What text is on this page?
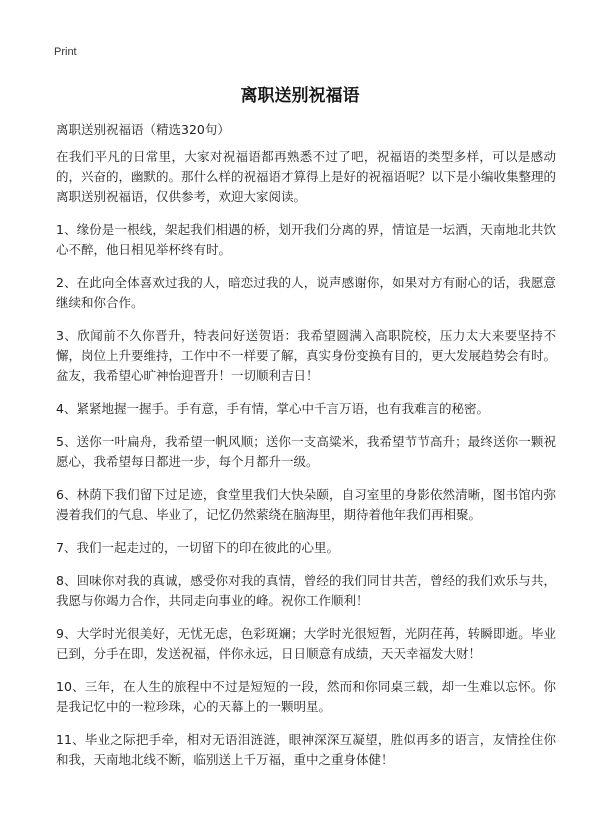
Print
离职送别祝福语
离职送别祝福语（精选320句）

在我们平凡的日常里，大家对祝福语都再熟悉不过了吧，祝福语的类型多样，可以是感动的，兴奋的，幽默的。那什么样的祝福语才算得上是好的祝福语呢？以下是小编收集整理的离职送别祝福语，仅供参考，欢迎大家阅读。

1、缘份是一根线，架起我们相遇的桥，划开我们分离的界，情谊是一坛酒，天南地北共饮心不醉，他日相见举杯终有时。

2、在此向全体喜欢过我的人，暗恋过我的人，说声感谢你，如果对方有耐心的话，我愿意继续和你合作。

3、欣闻前不久你晋升，特表问好送贺语：我希望圆满入高职院校，压力太大来要坚持不懈，岗位上升要维持，工作中不一样要了解，真实身份变换有目的，更大发展趋势会有时。盆友，我希望心旷神怡迎晋升！一切顺利吉日！

4、紧紧地握一握手。手有意，手有情，掌心中千言万语，也有我难言的秘密。

5、送你一叶扁舟，我希望一帆风顺；送你一支高粱米，我希望节节高升；最终送你一颗祝愿心，我希望每日都进一步，每个月都升一级。

6、林荫下我们留下过足迹，食堂里我们大快朵颐，自习室里的身影依然清晰，图书馆内弥漫着我们的气息、毕业了，记忆仍然萦绕在脑海里，期待着他年我们再相聚。

7、我们一起走过的，一切留下的印在彼此的心里。

8、回味你对我的真诚，感受你对我的真情，曾经的我们同甘共苦，曾经的我们欢乐与共，我愿与你竭力合作，共同走向事业的峰。祝你工作顺利！

9、大学时光很美好，无忧无虑，色彩斑斓；大学时光很短暂，光阴荏苒，转瞬即逝。毕业已到，分手在即，发送祝福，伴你永远，日日顺意有成绩，天天幸福发大财！

10、三年，在人生的旅程中不过是短短的一段，然而和你同桌三载，却一生难以忘怀。你是我记忆中的一粒珍珠，心的天幕上的一颗明星。

11、毕业之际把手牵，相对无语泪涟涟，眼神深深互凝望，胜似再多的语言，友情拴住你和我，天南地北线不断，临别送上千万福，重中之重身体健！
